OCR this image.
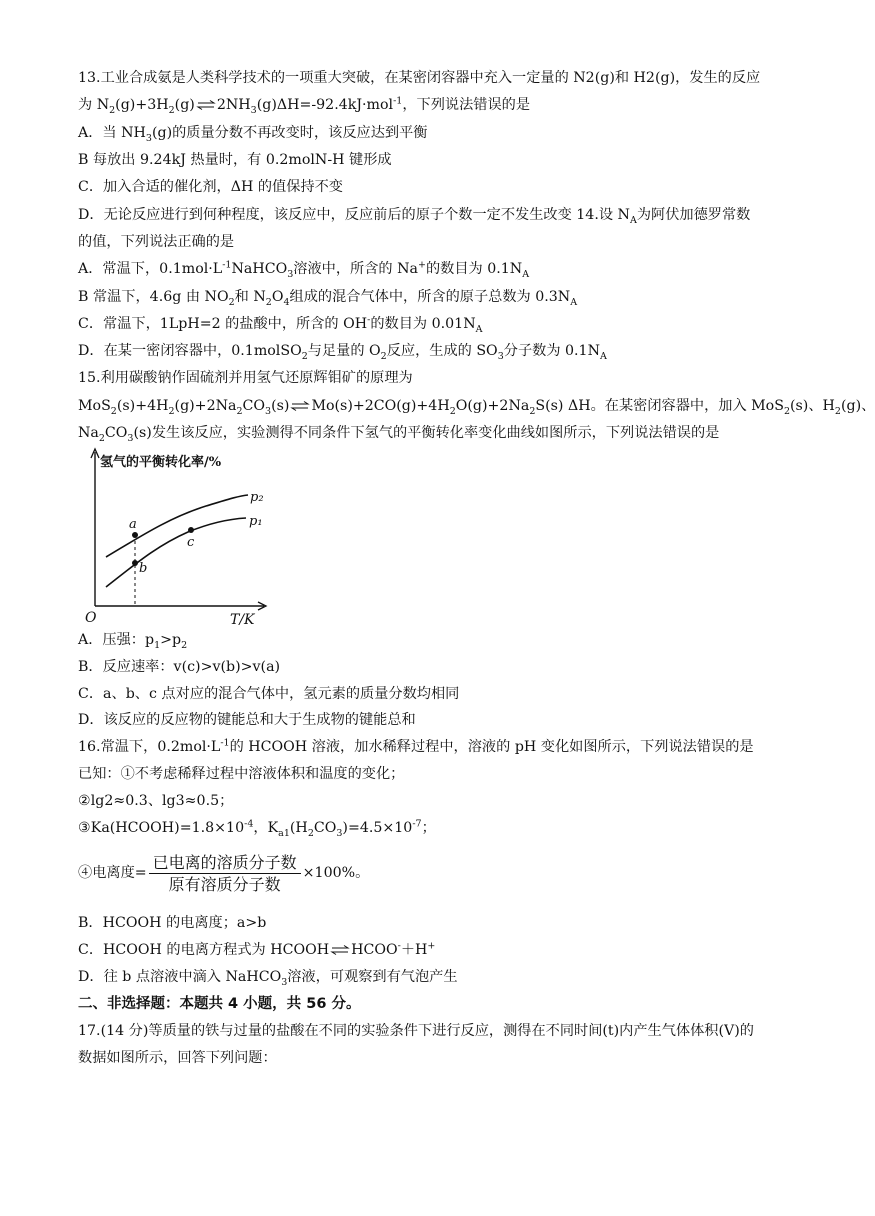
13.工业合成氨是人类科学技术的一项重大突破，在某密闭容器中充入一定量的 N2(g)和 H2(g)，发生的反应
为 $N_2(g)+3H_2(g)$ ⇌ $2NH_3(g)\Delta H=-92.4kJ\cdot mol^{-1}$，下列说法错误的是
A．当 $NH_3(g)$的质量分数不再改变时，该反应达到平衡
B 每放出 9.24kJ 热量时，有 0.2molN-H 键形成
C．加入合适的催化剂，ΔH 的值保持不变
D．无论反应进行到何种程度，该反应中，反应前后的原子个数一定不发生改变 14.设 $N_A$为阿伏加德罗常数
的值，下列说法正确的是
A．常温下，$0.1mol\cdot L^{-1}NaHCO_3$溶液中，所含的 Na+的数目为 $0.1N_A$
B 常温下，4.6g 由 $NO_2$和 $N_2O_4$组成的混合气体中，所含的原子总数为 $0.3N_A$
C．常温下，1LpH=2 的盐酸中，所含的 OH-的数目为 $0.01N_A$
D．在某一密闭容器中，0.1molSO$_2$与足量的 $O_2$反应，生成的 $SO_3$分子数为 $0.1N_A$
15.利用碳酸钠作固硫剂并用氢气还原辉钼矿的原理为
$MoS_2(s)+4H_2(g)+2Na_2CO_3(s)$ ⇌ $Mo(s)+2CO(g)+4H_2O(g)+2Na_2S(s)$ ΔH。在某密闭容器中，加入 MoS$_2$(s)、$H_2(g)$、
$Na_2CO_3(s)$发生该反应，实验测得不同条件下氢气的平衡转化率变化曲线如图所示，下列说法错误的是
氢气的平衡转化率/%
T/K
O
p₂
p₁
a
b
c
A．压强：$p_1>p_2$
B．反应速率：v(c)>v(b)>v(a)
C．a、b、c 点对应的混合气体中，氢元素的质量分数均相同
D．该反应的反应物的键能总和大于生成物的键能总和
16.常温下，$0.2mol\cdot L^{-1}$的 HCOOH 溶液，加水稀释过程中，溶液的 pH 变化如图所示，下列说法错误的是
已知：①不考虑稀释过程中溶液体积和温度的变化；
②lg2≈0.3、lg3≈0.5；
$③Ka(HCOOH)=1.8\times 10^{-4}$，$K_{a1}(H_2CO_3)=4.5\times 10^{-7}$；
④电离度= $\frac{\text{已电离的溶质分子数}}{\text{原有溶质分子数}} \times 100\%$。
B．HCOOH 的电离度；a>b
C．HCOOH 的电离方程式为 HCOOH ⇌ HCOO-＋H+
D．往 b 点溶液中滴入 NaHCO$_3$溶液，可观察到有气泡产生
二、非选择题：本题共 4 小题，共 56 分。
17.(14 分)等质量的铁与过量的盐酸在不同的实验条件下进行反应，测得在不同时间(t)内产生气体体积(V)的
数据如图所示，回答下列问题：
